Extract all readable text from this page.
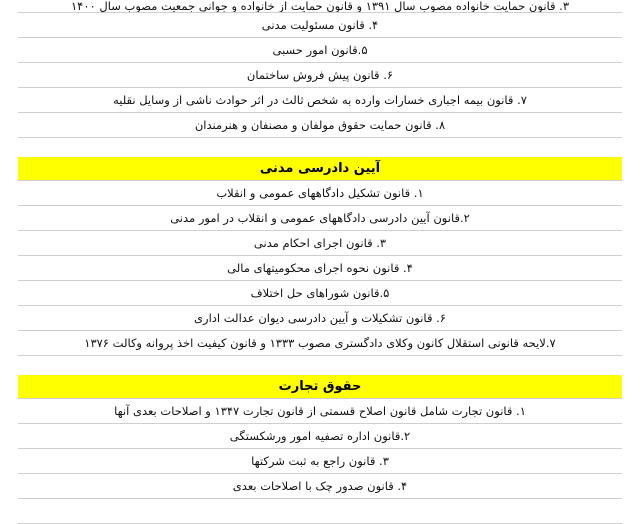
۳. قانون حمایت خانواده مصوب سال ۱۳۹۱ و قانون حمایت از خانواده و جوانی جمعیت مصوب سال ۱۴۰۰
۴. قانون مسئولیت مدنی
۵.قانون امور حسبی
۶. قانون پیش فروش ساختمان
۷. قانون بیمه اجباری خسارات وارده به شخص ثالث در اثر حوادث ناشی از وسایل نقلیه
۸. قانون حمایت حقوق مولفان و مصنفان و هنرمندان
آیین دادرسی مدنی
۱. قانون تشکیل دادگاههای عمومی و انقلاب
۲.قانون آیین دادرسی دادگاههای عمومی و انقلاب در امور مدنی
۳. قانون اجرای احکام مدنی
۴. قانون نحوه اجرای محکومیتهای مالی
۵.قانون شوراهای حل اختلاف
۶. قانون تشکیلات و آیین دادرسی دیوان عدالت اداری
۷.لایحه قانونی استقلال کانون وکلای دادگستری مصوب ۱۳۳۳ و قانون کیفیت اخذ پروانه وکالت ۱۳۷۶
حقوق تجارت
۱. قانون تجارت شامل قانون اصلاح قسمتی از قانون تجارت ۱۳۴۷ و اصلاحات بعدی آنها
۲.قانون اداره تصفیه امور ورشکستگی
۳. قانون راجع به ثبت شرکتها
۴. قانون صدور چک با اصلاحات بعدی
